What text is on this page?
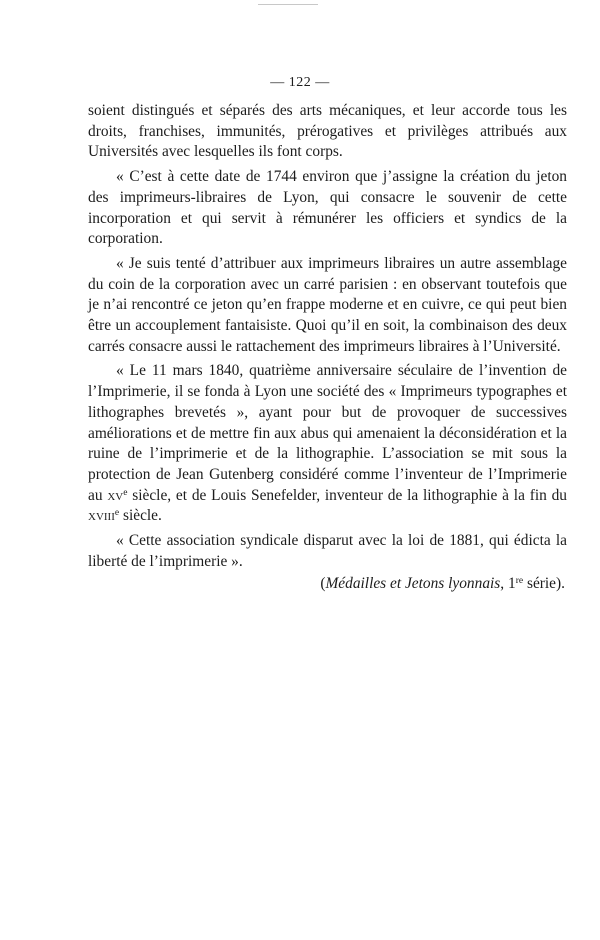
— 122 —

soient distingués et séparés des arts mécaniques, et leur accorde tous les droits, franchises, immunités, prérogatives et privilèges attribués aux Universités avec lesquelles ils font corps.

« C’est à cette date de 1744 environ que j’assigne la création du jeton des imprimeurs-libraires de Lyon, qui consacre le souvenir de cette incorporation et qui servit à rémunérer les officiers et syndics de la corporation.

« Je suis tenté d’attribuer aux imprimeurs libraires un autre assemblage du coin de la corporation avec un carré parisien : en observant toutefois que je n’ai rencontré ce jeton qu’en frappe moderne et en cuivre, ce qui peut bien être un accouplement fantaisiste. Quoi qu’il en soit, la combinaison des deux carrés consacre aussi le rattachement des imprimeurs libraires à l’Université.

« Le 11 mars 1840, quatrième anniversaire séculaire de l’invention de l’Imprimerie, il se fonda à Lyon une société des « Imprimeurs typographes et lithographes brevetés », ayant pour but de provoquer de successives améliorations et de mettre fin aux abus qui amenaient la déconsidération et la ruine de l’imprimerie et de la lithographie. L’association se mit sous la protection de Jean Gutenberg considéré comme l’inventeur de l’Imprimerie au $xv^e$ siècle, et de Louis Senefelder, inventeur de la lithographie à la fin du xviii$^e$ siècle.

« Cette association syndicale disparut avec la loi de 1881, qui édicta la liberté de l’imprimerie ».

(Médailles et Jetons lyonnais, 1re série).
